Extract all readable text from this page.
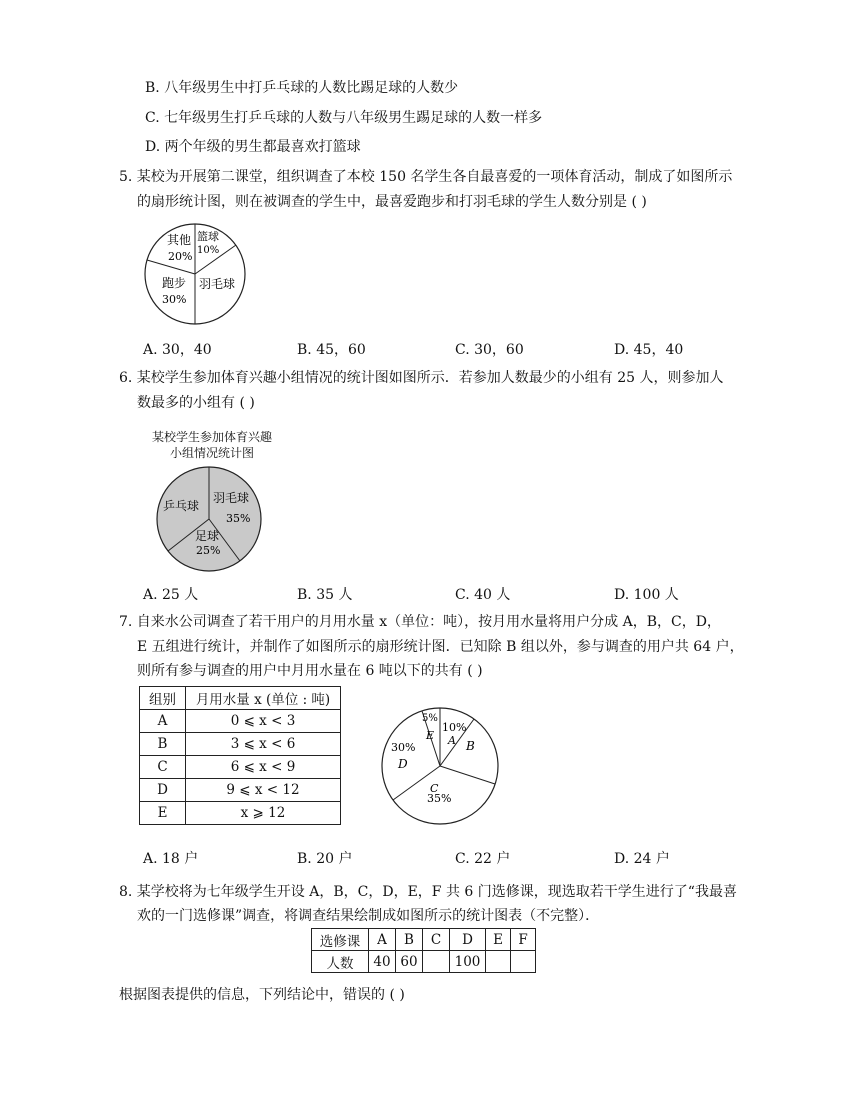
B. 八年级男生中打乒乓球的人数比踢足球的人数少
C. 七年级男生打乒乓球的人数与八年级男生踢足球的人数一样多
D. 两个年级的男生都最喜欢打篮球
5. 某校为开展第二课堂，组织调查了本校 150 名学生各自最喜爱的一项体育活动，制成了如图所示
的扇形统计图，则在被调查的学生中，最喜爱跑步和打羽毛球的学生人数分别是 ( )
其他
20%
篮球
10%
跑步
30%
羽毛球
A. 30，40	B. 45，60	C. 30，60	D. 45，40
6. 某校学生参加体育兴趣小组情况的统计图如图所示．若参加人数最少的小组有 25 人，则参加人
数最多的小组有 ( )
某校学生参加体育兴趣
小组情况统计图
乒乓球
羽毛球
35%
足球
25%
A. 25 人	B. 35 人	C. 40 人	D. 100 人
7. 自来水公司调查了若干用户的月用水量 x（单位：吨），按月用水量将用户分成 A，B，C，D，
E 五组进行统计，并制作了如图所示的扇形统计图．已知除 B 组以外，参与调查的用户共 64 户，
则所有参与调查的用户中月用水量在 6 吨以下的共有 ( )
组别	月用水量 x (单位 : 吨)
A	0 ⩽ x < 3
B	3 ⩽ x < 6
C	6 ⩽ x < 9
D	9 ⩽ x < 12
E	x ⩾ 12
5%
E
10%
A B
30%
D
C
35%
A. 18 户	B. 20 户	C. 22 户	D. 24 户
8. 某学校将为七年级学生开设 A，B，C，D，E，F 共 6 门选修课，现选取若干学生进行了“我最喜
欢的一门选修课”调查，将调查结果绘制成如图所示的统计图表（不完整）．
选修课	A	B	C	D	E	F
人数	40	60		100		
根据图表提供的信息，下列结论中，错误的 ( )
